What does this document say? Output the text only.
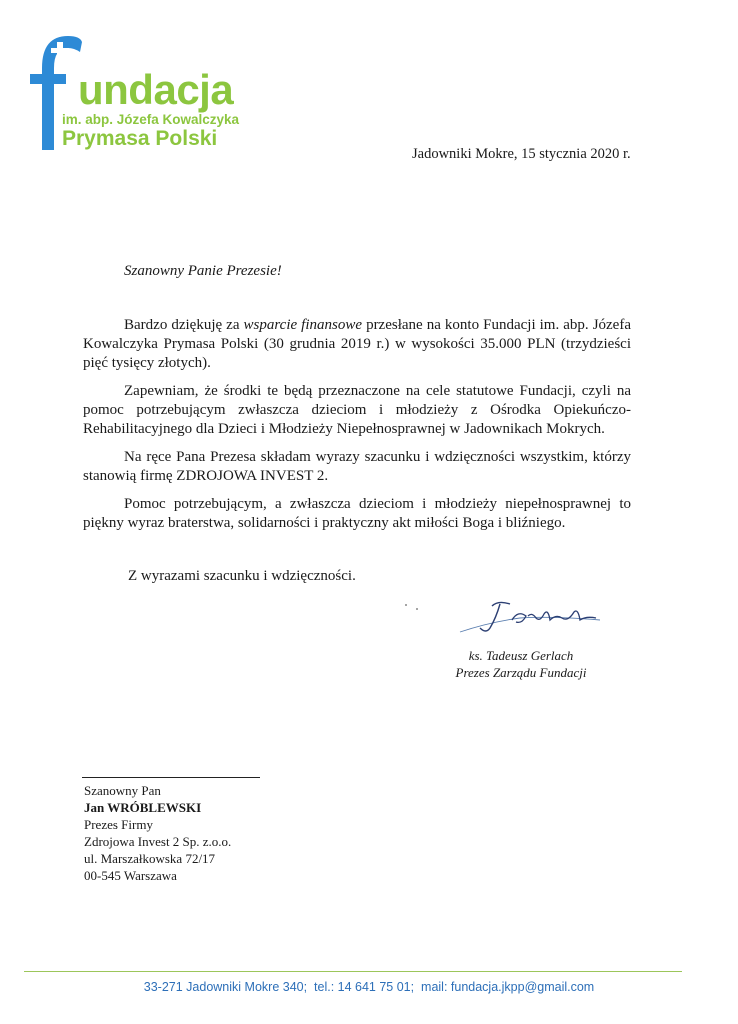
undacja
im. abp. Józefa Kowalczyka
Prymasa Polski
Jadowniki Mokre, 15 stycznia 2020 r.
Szanowny Panie Prezesie!

Bardzo dziękuję za wsparcie finansowe przesłane na konto Fundacji im. abp. Józefa Kowalczyka Prymasa Polski (30 grudnia 2019 r.) w wysokości 35.000 PLN (trzydzieści pięć tysięcy złotych).

Zapewniam, że środki te będą przeznaczone na cele statutowe Fundacji, czyli na pomoc potrzebującym zwłaszcza dzieciom i młodzieży z Ośrodka Opiekuńczo-Rehabilitacyjnego dla Dzieci i Młodzieży Niepełnosprawnej w Jadownikach Mokrych.

Na ręce Pana Prezesa składam wyrazy szacunku i wdzięczności wszystkim, którzy stanowią firmę ZDROJOWA INVEST 2.

Pomoc potrzebującym, a zwłaszcza dzieciom i młodzieży niepełnosprawnej to piękny wyraz braterstwa, solidarności i praktyczny akt miłości Boga i bliźniego.

Z wyrazami szacunku i wdzięczności.
ks. Tadeusz Gerlach
Prezes Zarządu Fundacji
Szanowny Pan
Jan WRÓBLEWSKI
Prezes Firmy
Zdrojowa Invest 2 Sp. z.o.o.
ul. Marszałkowska 72/17
00-545 Warszawa
33-271 Jadowniki Mokre 340;  tel.: 14 641 75 01;  mail: fundacja.jkpp@gmail.com
